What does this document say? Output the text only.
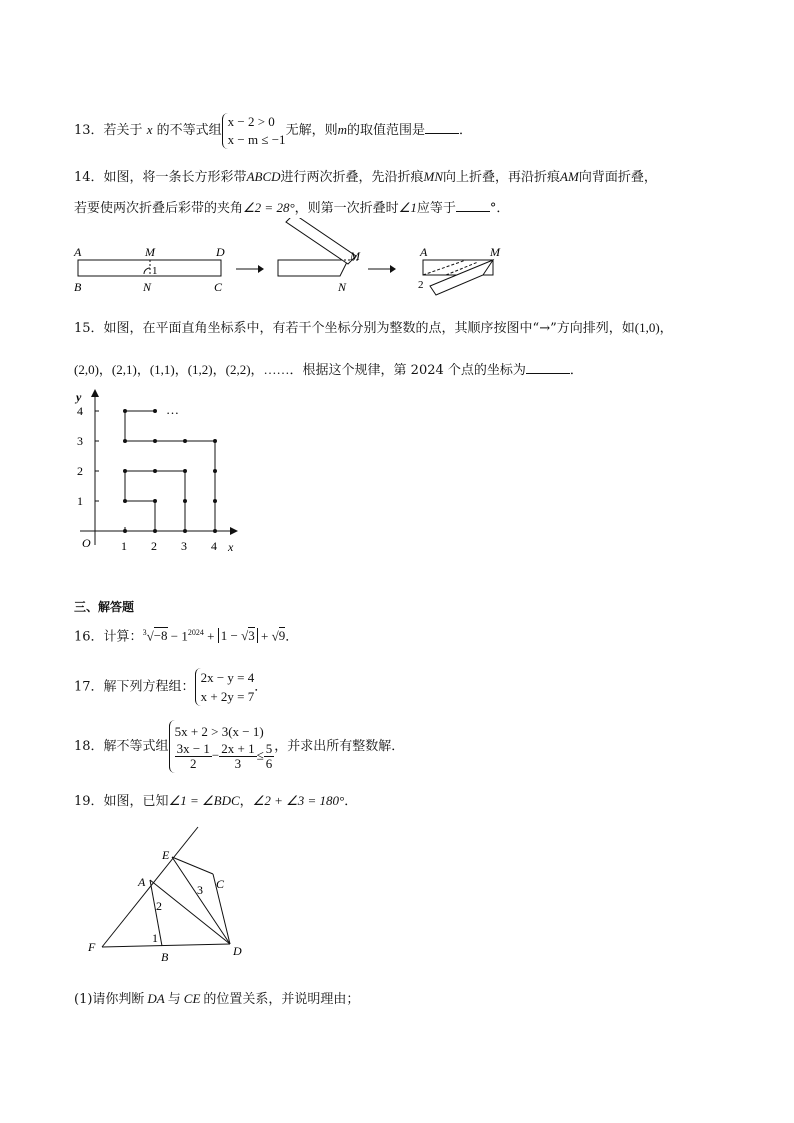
13．若关于 x 的不等式组x − 2 > 0
x − m ≤ −1无解，则m的取值范围是	．
14．如图，将一条长方形彩带ABCD进行两次折叠，先沿折痕MN向上折叠，再沿折痕AM向背面折叠，
若要使两次折叠后彩带的夹角∠2 = 28°，则第一次折叠时∠1应等于	°．
A	M	D
B	N	C
1
M
N
A	M
2
15．如图，在平面直角坐标系中，有若干个坐标分别为整数的点，其顺序按图中“→”方向排列，如(1,0)，
(2,0)，(2,1)，(1,1)，(1,2)，(2,2)，……．根据这个规律，第 2024 个点的坐标为	．
y
x
O	1 2 3 4
1
2
3
4	…
三、解答题
16．计算：$^3√-8 - 1^{2024} + 1 - √3 + √9$．
17．解下列方程组：2x − y = 4
x + 2y = 7．
18．解不等式组5x + 2 > 3(x − 1)

$\frac{3x - 1}{2} - \frac{2x + 1}{3} \le \frac{5}{6}$ ，并求出所有整数解．
19．如图，已知∠1 = ∠BDC，∠2 + ∠3 = 180°．
E
C
A
3
2
F
1
D
B
(1)请你判断 DA 与 CE 的位置关系，并说明理由；
